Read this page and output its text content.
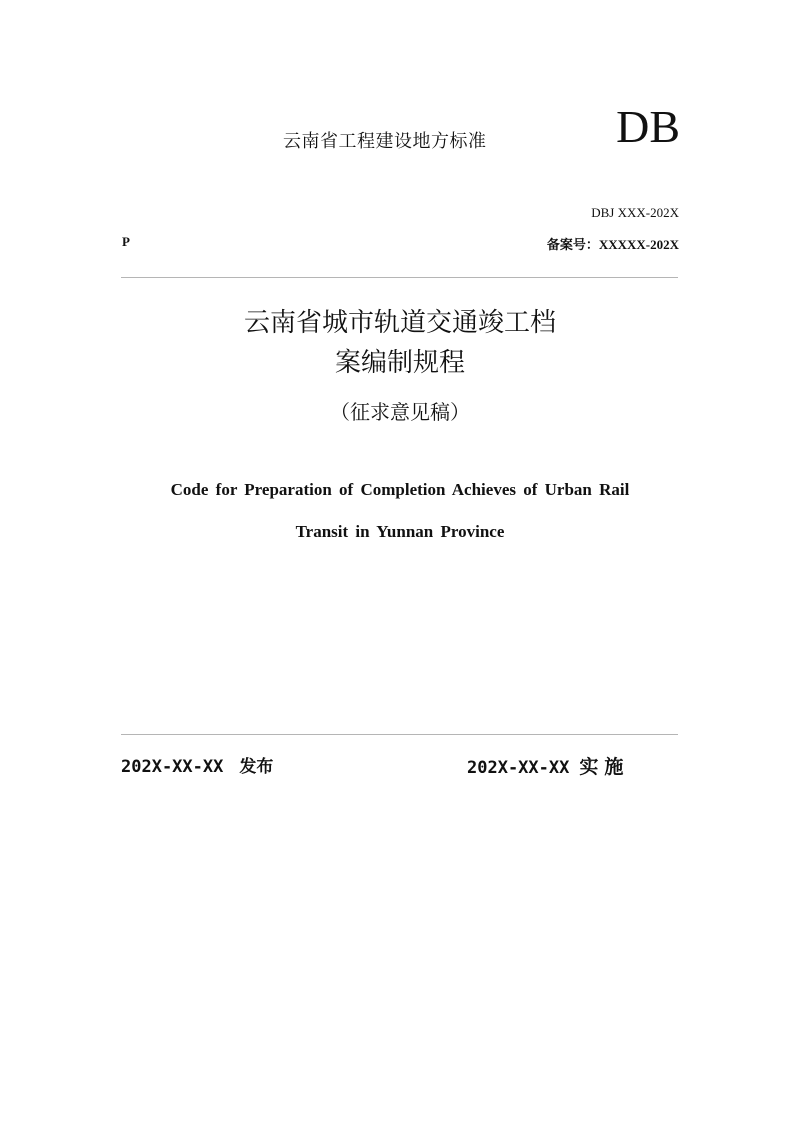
云南省工程建设地方标准	DB
DBJ XXX-202X
P	备案号：XXXXX-202X
云南省城市轨道交通竣工档
案编制规程
（征求意见稿）
Code for Preparation of Completion Achieves of Urban Rail
Transit in Yunnan Province
202X-XX-XX 发布	202X-XX-XX 实施
